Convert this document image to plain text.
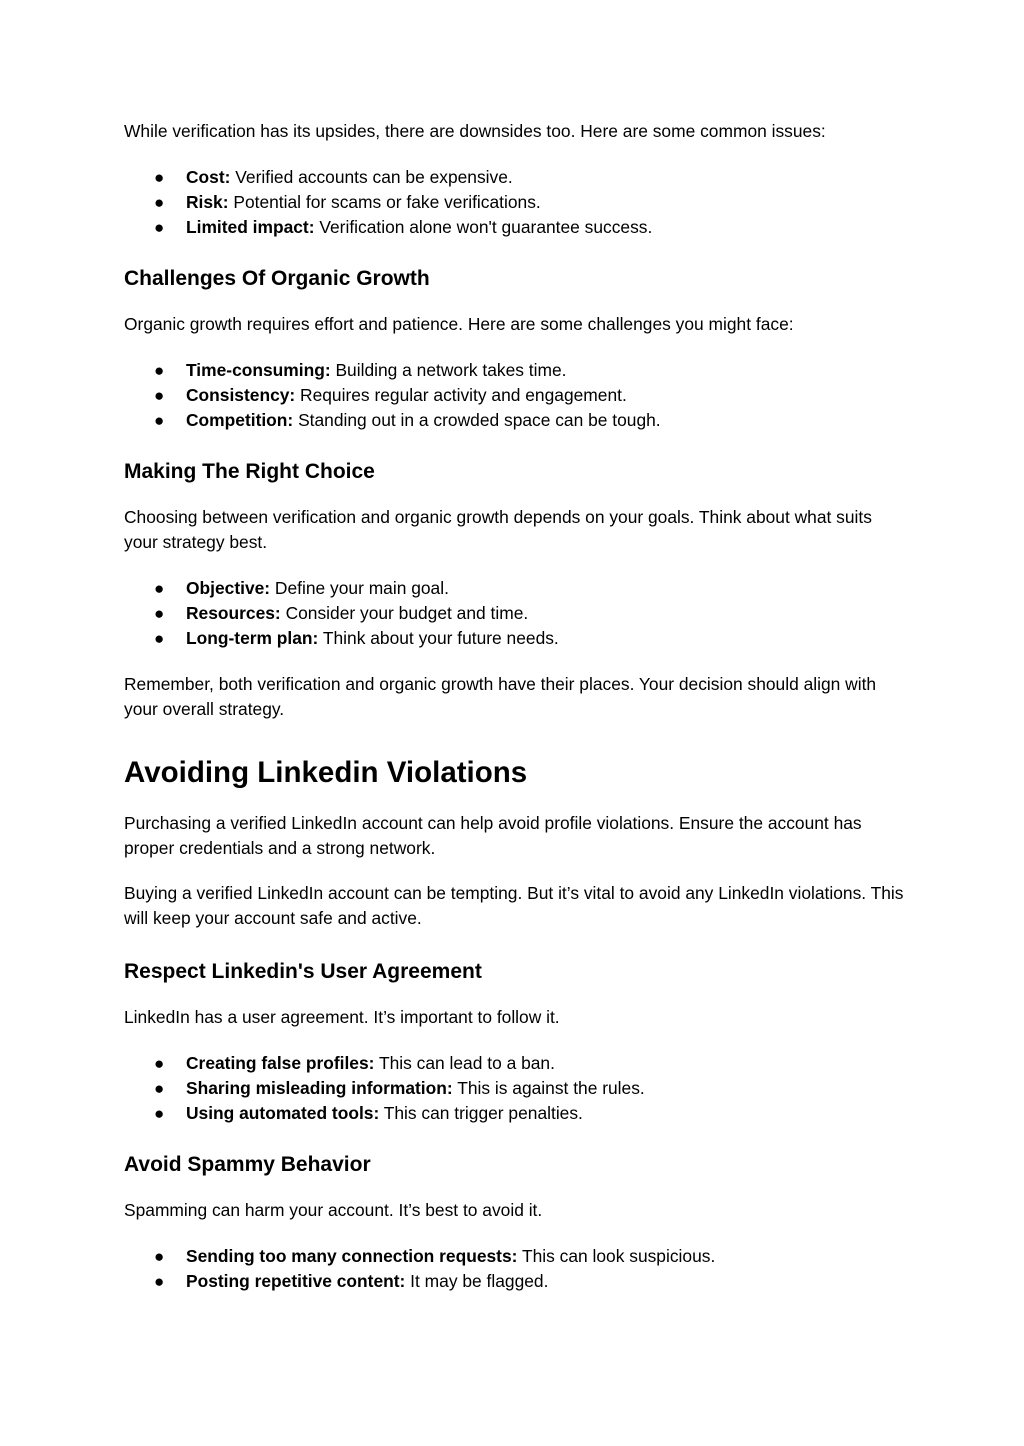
While verification has its upsides, there are downsides too. Here are some common issues:

● Cost: Verified accounts can be expensive.
● Risk: Potential for scams or fake verifications.
● Limited impact: Verification alone won't guarantee success.
Challenges Of Organic Growth

Organic growth requires effort and patience. Here are some challenges you might face:

● Time-consuming: Building a network takes time.
● Consistency: Requires regular activity and engagement.
● Competition: Standing out in a crowded space can be tough.
Making The Right Choice

Choosing between verification and organic growth depends on your goals. Think about what suits your strategy best.

● Objective: Define your main goal.
● Resources: Consider your budget and time.
● Long-term plan: Think about your future needs.

Remember, both verification and organic growth have their places. Your decision should align with your overall strategy.

Avoiding Linkedin Violations

Purchasing a verified LinkedIn account can help avoid profile violations. Ensure the account has proper credentials and a strong network.

Buying a verified LinkedIn account can be tempting. But it’s vital to avoid any LinkedIn violations. This will keep your account safe and active.

Respect Linkedin's User Agreement

LinkedIn has a user agreement. It’s important to follow it.

● Creating false profiles: This can lead to a ban.
● Sharing misleading information: This is against the rules.
● Using automated tools: This can trigger penalties.
Avoid Spammy Behavior

Spamming can harm your account. It’s best to avoid it.

● Sending too many connection requests: This can look suspicious.
● Posting repetitive content: It may be flagged.
